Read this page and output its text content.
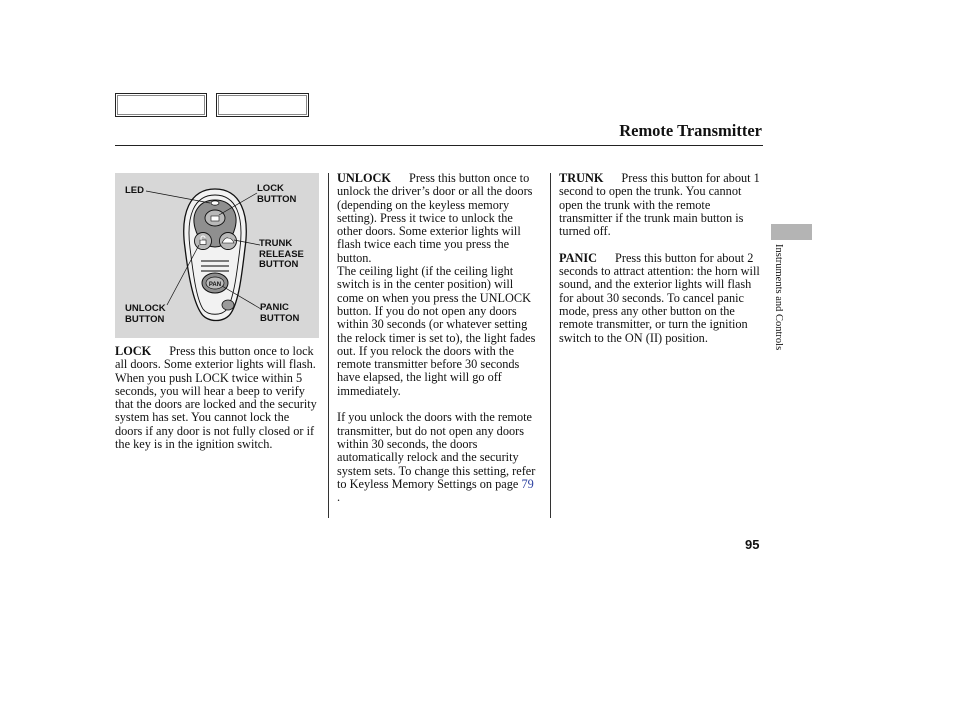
Remote Transmitter
Instruments and Controls
PAN
LED	LOCK
BUTTON
TRUNK
RELEASE
BUTTON
UNLOCK
BUTTON
PANIC
BUTTON

LOCK Press this button once to lock all doors. Some exterior lights will flash. When you push LOCK twice within 5 seconds, you will hear a beep to verify that the doors are locked and the security system has set. You cannot lock the doors if any door is not fully closed or if the key is in the ignition switch.

UNLOCK Press this button once to unlock the driver’s door or all the doors (depending on the keyless memory setting). Press it twice to unlock the other doors. Some exterior lights will flash twice each time you press the button.

The ceiling light (if the ceiling light switch is in the center position) will come on when you press the UNLOCK button. If you do not open any doors within 30 seconds (or whatever setting the relock timer is set to), the light fades out. If you relock the doors with the remote transmitter before 30 seconds have elapsed, the light will go off immediately.

If you unlock the doors with the remote transmitter, but do not open any doors within 30 seconds, the doors automatically relock and the security system sets. To change this setting, refer to Keyless Memory Settings on page 79 .

TRUNK Press this button for about 1 second to open the trunk. You cannot open the trunk with the remote transmitter if the trunk main button is turned off.

PANIC Press this button for about 2 seconds to attract attention: the horn will sound, and the exterior lights will flash for about 30 seconds. To cancel panic mode, press any other button on the remote transmitter, or turn the ignition switch to the ON (II) position.

95
